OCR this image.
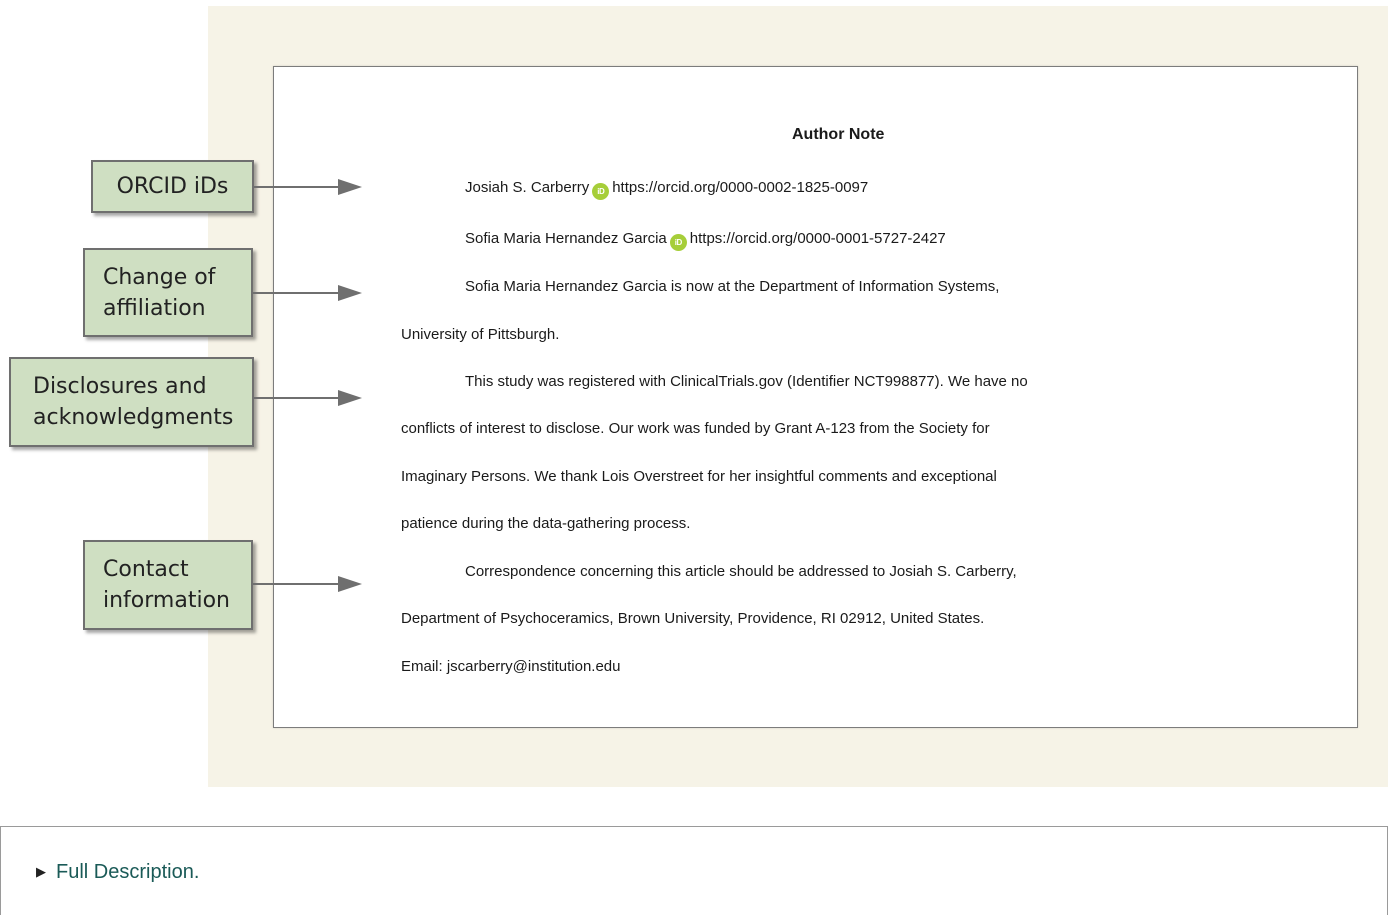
Author Note
Josiah S. Carberry iD https://orcid.org/0000-0002-1825-0097
Sofia Maria Hernandez Garcia iD https://orcid.org/0000-0001-5727-2427
Sofia Maria Hernandez Garcia is now at the Department of Information Systems,
University of Pittsburgh.
This study was registered with ClinicalTrials.gov (Identifier NCT998877). We have no
conflicts of interest to disclose. Our work was funded by Grant A-123 from the Society for
Imaginary Persons. We thank Lois Overstreet for her insightful comments and exceptional
patience during the data-gathering process.
Correspondence concerning this article should be addressed to Josiah S. Carberry,
Department of Psychoceramics, Brown University, Providence, RI 02912, United States.
Email: jscarberry@institution.edu
ORCID iDs
Change of
affiliation
Disclosures and
acknowledgments
Contact
information
▶ Full Description.
